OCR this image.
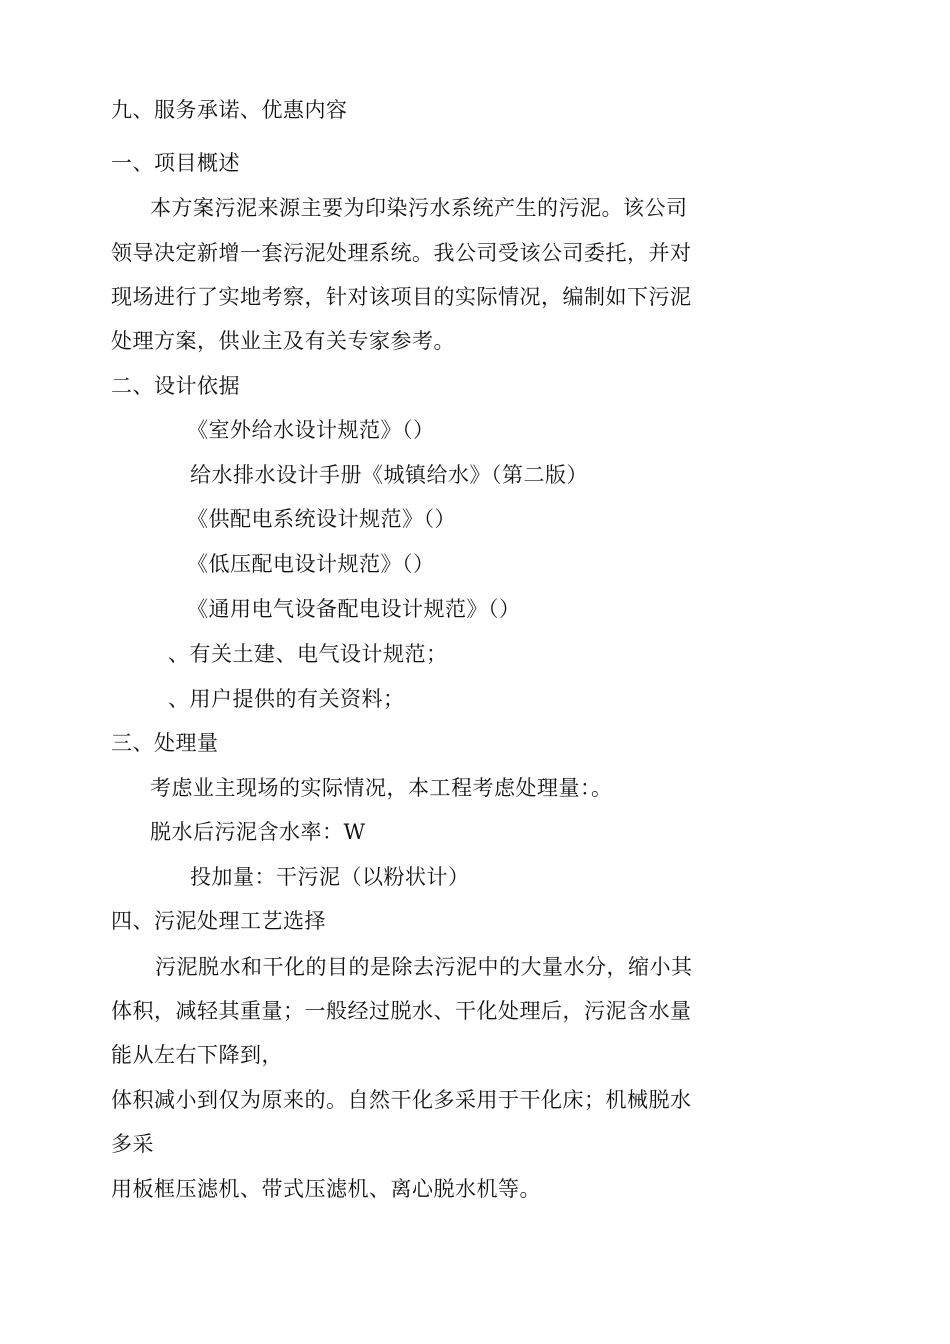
九、服务承诺、优惠内容
一、项目概述
本方案污泥来源主要为印染污水系统产生的污泥。该公司
领导决定新增一套污泥处理系统。我公司受该公司委托，并对
现场进行了实地考察，针对该项目的实际情况，编制如下污泥
处理方案，供业主及有关专家参考。
二、设计依据
《室外给水设计规范》（）
给水排水设计手册《城镇给水》（第二版）
《供配电系统设计规范》（）
《低压配电设计规范》（）
《通用电气设备配电设计规范》（）
、有关土建、电气设计规范；
、用户提供的有关资料；
三、处理量
考虑业主现场的实际情况，本工程考虑处理量：。
脱水后污泥含水率：W
投加量：干污泥（以粉状计）
四、污泥处理工艺选择
污泥脱水和干化的目的是除去污泥中的大量水分，缩小其
体积，减轻其重量；一般经过脱水、干化处理后，污泥含水量
能从左右下降到，
体积减小到仅为原来的。自然干化多采用于干化床；机械脱水
多采
用板框压滤机、带式压滤机、离心脱水机等。
